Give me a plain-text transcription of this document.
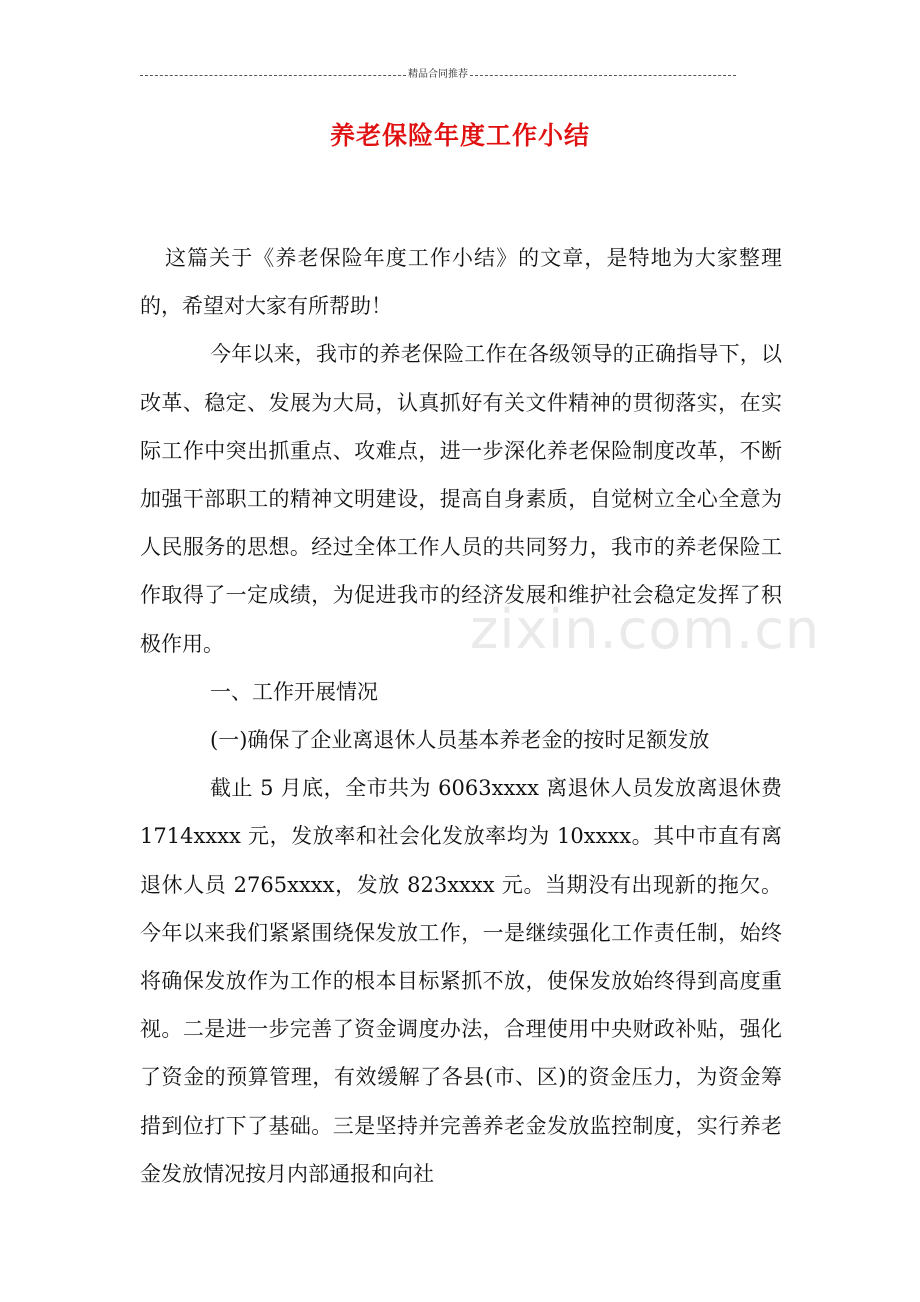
精品合同推荐
养老保险年度工作小结

这篇关于《养老保险年度工作小结》的文章，是特地为大家整理的，希望对大家有所帮助！

今年以来，我市的养老保险工作在各级领导的正确指导下，以改革、稳定、发展为大局，认真抓好有关文件精神的贯彻落实，在实际工作中突出抓重点、攻难点，进一步深化养老保险制度改革，不断加强干部职工的精神文明建设，提高自身素质，自觉树立全心全意为人民服务的思想。经过全体工作人员的共同努力，我市的养老保险工作取得了一定成绩，为促进我市的经济发展和维护社会稳定发挥了积极作用。

一、工作开展情况

(一)确保了企业离退休人员基本养老金的按时足额发放

截止 5 月底，全市共为 6063xxxx 离退休人员发放离退休费 1714xxxx 元，发放率和社会化发放率均为 10xxxx。其中市直有离退休人员 2765xxxx，发放 823xxxx 元。当期没有出现新的拖欠。今年以来我们紧紧围绕保发放工作，一是继续强化工作责任制，始终将确保发放作为工作的根本目标紧抓不放，使保发放始终得到高度重视。二是进一步完善了资金调度办法，合理使用中央财政补贴，强化了资金的预算管理，有效缓解了各县(市、区)的资金压力，为资金筹措到位打下了基础。三是坚持并完善养老金发放监控制度，实行养老金发放情况按月内部通报和向社

zixin.com.cn
